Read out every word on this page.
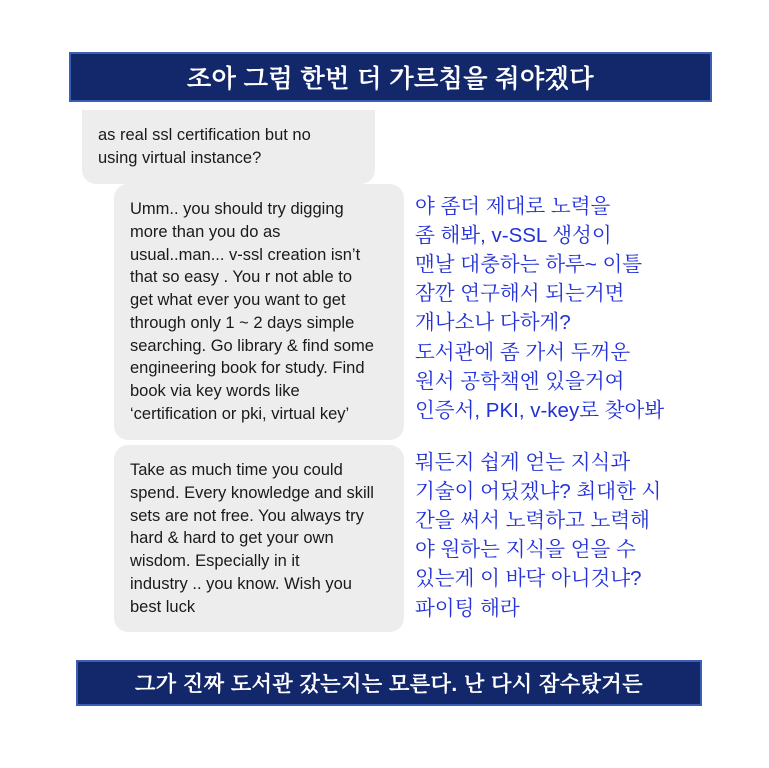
조아 그럼 한번 더 가르침을 줘야겠다
as real ssl certification but no
using virtual instance?
Umm.. you should try digging
more than you do as
usual..man... v-ssl creation isn’t
that so easy . You r not able to
get what ever you want to get
through only 1 ~ 2 days simple
searching. Go library & find some
engineering book for study. Find
book via key words like
‘certification or pki, virtual key’
Take as much time you could
spend. Every knowledge and skill
sets are not free. You always try
hard & hard to get your own
wisdom. Especially in it
industry .. you know. Wish you
best luck
야 좀더 제대로 노력을
좀 해봐, v-SSL 생성이
맨날 대충하는 하루~ 이틀
잠깐 연구해서 되는거면
개나소나 다하게?
도서관에 좀 가서 두꺼운
원서 공학책엔 있을거여
인증서, PKI, v-key로 찾아봐
뭐든지 쉽게 얻는 지식과
기술이 어딨겠냐? 최대한 시
간을 써서 노력하고 노력해
야 원하는 지식을 얻을 수
있는게 이 바닥 아니것냐?
파이팅 해라
그가 진짜 도서관 갔는지는 모른다. 난 다시 잠수탔거든
